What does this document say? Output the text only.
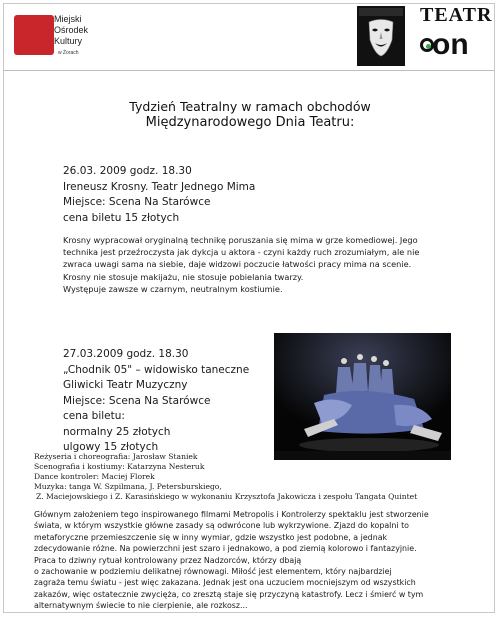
Miejski
Ośrodek
Kultury
w Żorach
TEATR
on
Tydzień Teatralny w ramach obchodów
Międzynarodowego Dnia Teatru:
26.03. 2009 godz. 18.30
Ireneusz Krosny. Teatr Jednego Mima
Miejsce: Scena Na Starówce
cena biletu 15 złotych
Krosny wypracował oryginalną technikę poruszania się mima w grze komediowej. Jego
technika jest przeźroczysta jak dykcja u aktora - czyni każdy ruch zrozumiałym, ale nie
zwraca uwagi sama na siebie, daje widzowi poczucie łatwości pracy mima na scenie.
Krosny nie stosuje makijażu, nie stosuje pobielania twarzy.
Występuje zawsze w czarnym, neutralnym kostiumie.
27.03.2009 godz. 18.30
„Chodnik 05" – widowisko taneczne
Gliwicki Teatr Muzyczny
Miejsce: Scena Na Starówce
cena biletu:
normalny 25 złotych
ulgowy 15 złotych
Reżyseria i choreografia: Jarosław Staniek
Scenografia i kostiumy: Katarzyna Nesteruk
Dance kontroler: Maciej Florek
Muzyka: tanga W. Szpilmana, J. Petersburskiego,
Z. Maciejowskiego i Z. Karasińskiego w wykonaniu Krzysztofa Jakowicza i zespołu Tangata Quintet
Głównym założeniem tego inspirowanego filmami Metropolis i Kontrolerzy spektaklu jest stworzenie
świata, w którym wszystkie główne zasady są odwrócone lub wykrzywione. Zjazd do kopalni to
metaforyczne przemieszczenie się w inny wymiar, gdzie wszystko jest podobne, a jednak
zdecydowanie różne. Na powierzchni jest szaro i jednakowo, a pod ziemią kolorowo i fantazyjnie.
Praca to dziwny rytuał kontrolowany przez Nadzorców, którzy dbają
o zachowanie w podziemiu delikatnej równowagi. Miłość jest elementem, który najbardziej
zagraża temu światu - jest więc zakazana. Jednak jest ona uczuciem mocniejszym od wszystkich
zakazów, więc ostatecznie zwycięża, co zresztą staje się przyczyną katastrofy. Lecz i śmierć w tym
alternatywnym świecie to nie cierpienie, ale rozkosz...
